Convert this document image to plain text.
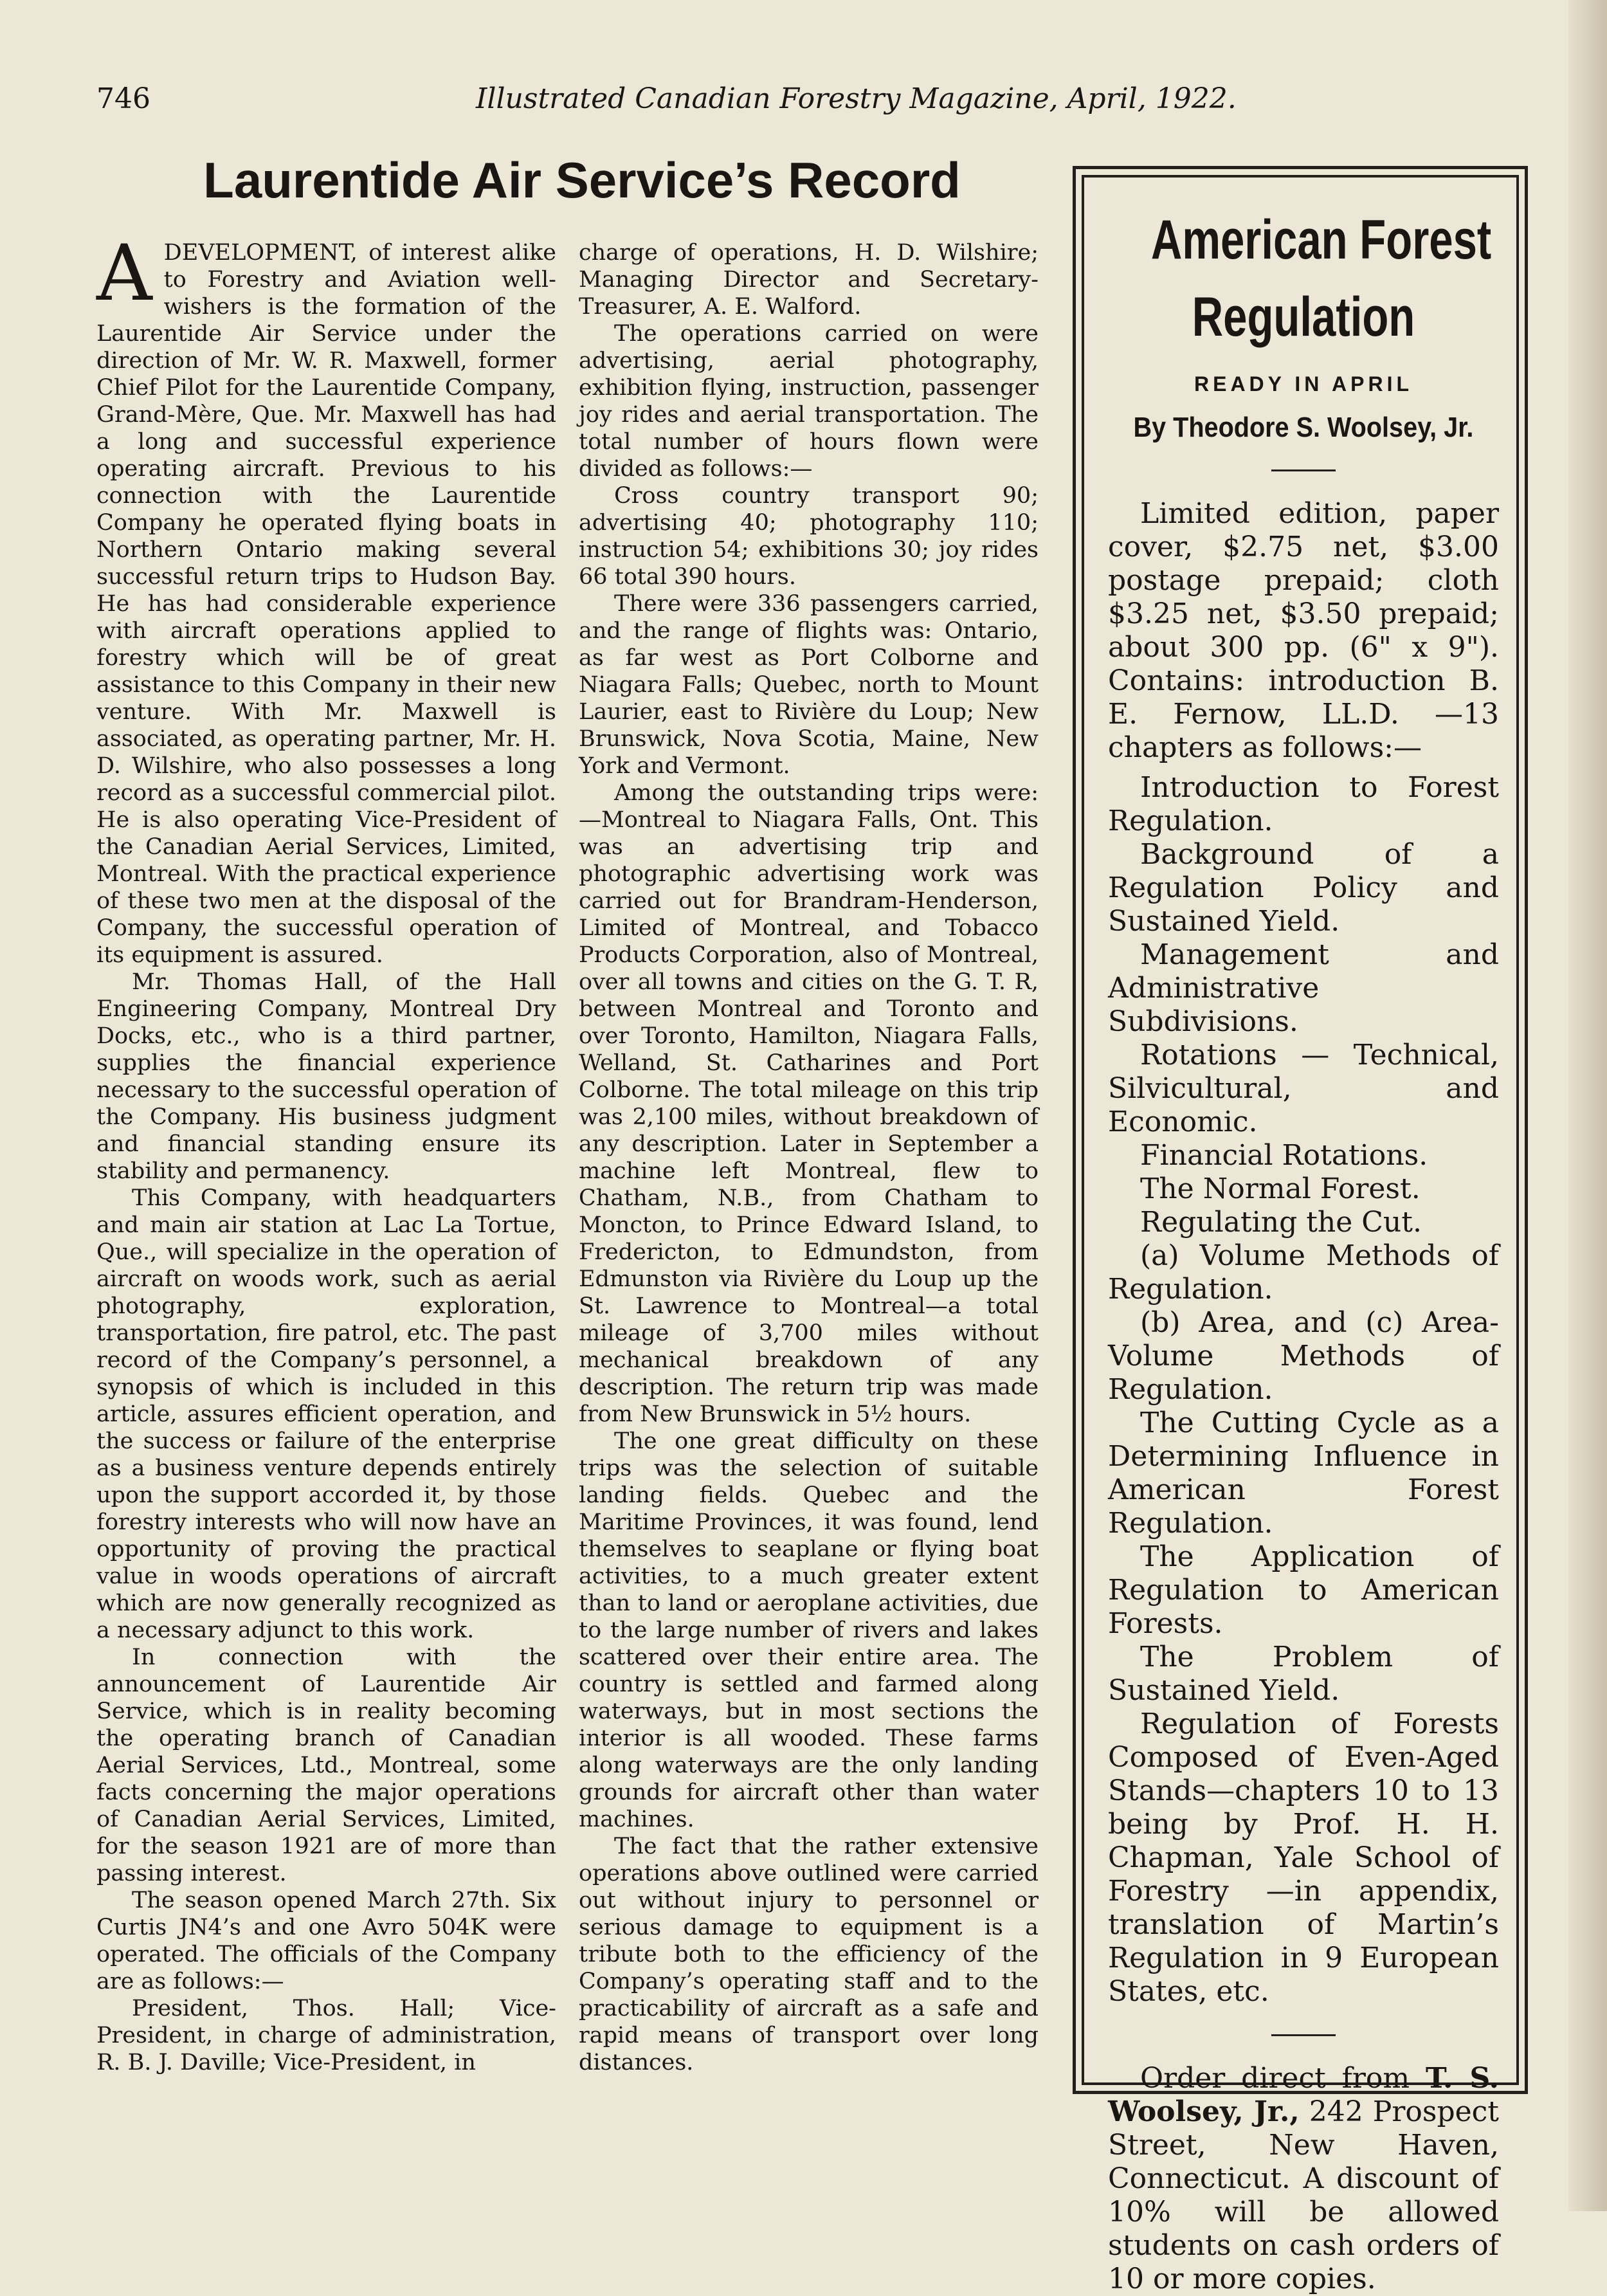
746	Illustrated Canadian Forestry Magazine, April, 1922.
Laurentide Air Service’s Record

ADEVELOPMENT, of interest alike to Forestry and Aviation well-wishers is the formation of the Laurentide Air Service under the direction of Mr. W. R. Maxwell, former Chief Pilot for the Laurentide Company, Grand-Mère, Que. Mr. Maxwell has had a long and successful experience operating aircraft. Previous to his connection with the Laurentide Company he operated flying boats in Northern Ontario making several successful return trips to Hudson Bay. He has had considerable experience with aircraft operations applied to forestry which will be of great assistance to this Company in their new venture. With Mr. Maxwell is associated, as operating partner, Mr. H. D. Wilshire, who also possesses a long record as a successful commercial pilot. He is also operating Vice-President of the Canadian Aerial Services, Limited, Montreal. With the practical experience of these two men at the disposal of the Company, the successful operation of its equipment is assured.

Mr. Thomas Hall, of the Hall Engineering Company, Montreal Dry Docks, etc., who is a third partner, supplies the financial experience necessary to the successful operation of the Company. His business judgment and financial standing ensure its stability and permanency.

This Company, with headquarters and main air station at Lac La Tortue, Que., will specialize in the operation of aircraft on woods work, such as aerial photography, exploration, transportation, fire patrol, etc. The past record of the Company’s personnel, a synopsis of which is included in this article, assures efficient operation, and the success or failure of the enterprise as a business venture depends entirely upon the support accorded it, by those forestry interests who will now have an opportunity of proving the practical value in woods operations of aircraft which are now generally recognized as a necessary adjunct to this work.

In connection with the announcement of Laurentide Air Service, which is in reality becoming the operating branch of Canadian Aerial Services, Ltd., Montreal, some facts concerning the major operations of Canadian Aerial Services, Limited, for the season 1921 are of more than passing interest.

The season opened March 27th. Six Curtis JN4’s and one Avro 504K were operated. The officials of the Company are as follows:—

President, Thos. Hall; Vice-President, in charge of administration, R. B. J. Daville; Vice-President, in

charge of operations, H. D. Wilshire; Managing Director and Secretary-Treasurer, A. E. Walford.

The operations carried on were advertising, aerial photography, exhibition flying, instruction, passenger joy rides and aerial transportation. The total number of hours flown were divided as follows:—

Cross country transport 90; advertising 40; photography 110; instruction 54; exhibitions 30; joy rides 66 total 390 hours.

There were 336 passengers carried, and the range of flights was: Ontario, as far west as Port Colborne and Niagara Falls; Quebec, north to Mount Laurier, east to Rivière du Loup; New Brunswick, Nova Scotia, Maine, New York and Vermont.

Among the outstanding trips were: —Montreal to Niagara Falls, Ont. This was an advertising trip and photographic advertising work was carried out for Brandram-Henderson, Limited of Montreal, and Tobacco Products Corporation, also of Montreal, over all towns and cities on the G. T. R, between Montreal and Toronto and over Toronto, Hamilton, Niagara Falls, Welland, St. Catharines and Port Colborne. The total mileage on this trip was 2,100 miles, without breakdown of any description. Later in September a machine left Montreal, flew to Chatham, N.B., from Chatham to Moncton, to Prince Edward Island, to Fredericton, to Edmundston, from Edmunston via Rivière du Loup up the St. Lawrence to Montreal—a total mileage of 3,700 miles without mechanical breakdown of any description. The return trip was made from New Brunswick in 5½ hours.

The one great difficulty on these trips was the selection of suitable landing fields. Quebec and the Maritime Provinces, it was found, lend themselves to seaplane or flying boat activities, to a much greater extent than to land or aeroplane activities, due to the large number of rivers and lakes scattered over their entire area. The country is settled and farmed along waterways, but in most sections the interior is all wooded. These farms along waterways are the only landing grounds for aircraft other than water machines.

The fact that the rather extensive operations above outlined were carried out without injury to personnel or serious damage to equipment is a tribute both to the efficiency of the Company’s operating staff and to the practicability of aircraft as a safe and rapid means of transport over long distances.

American Forest
Regulation
READY IN APRIL
By Theodore S. Woolsey, Jr.

Limited edition, paper cover, $2.75 net, $3.00 postage prepaid; cloth $3.25 net, $3.50 prepaid; about 300 pp. (6" x 9"). Contains: introduction B. E. Fernow, LL.D. —13 chapters as follows:—

Introduction to Forest Regulation.
Background of a Regulation Policy and Sustained Yield.
Management and Administrative Subdivisions.
Rotations — Technical, Silvicultural, and Economic.
Financial Rotations.
The Normal Forest.
Regulating the Cut.
(a) Volume Methods of Regulation.
(b) Area, and (c) Area-Volume Methods of Regulation.
The Cutting Cycle as a Determining Influence in American Forest Regulation.
The Application of Regulation to American Forests.
The Problem of Sustained Yield.
Regulation of Forests Composed of Even-Aged Stands—chapters 10 to 13 being by Prof. H. H. Chapman, Yale School of Forestry —in appendix, translation of Martin’s Regulation in 9 European States, etc.

Order direct from T. S. Woolsey, Jr., 242 Prospect Street, New Haven, Connecticut. A discount of 10% will be allowed students on cash orders of 10 or more copies.
